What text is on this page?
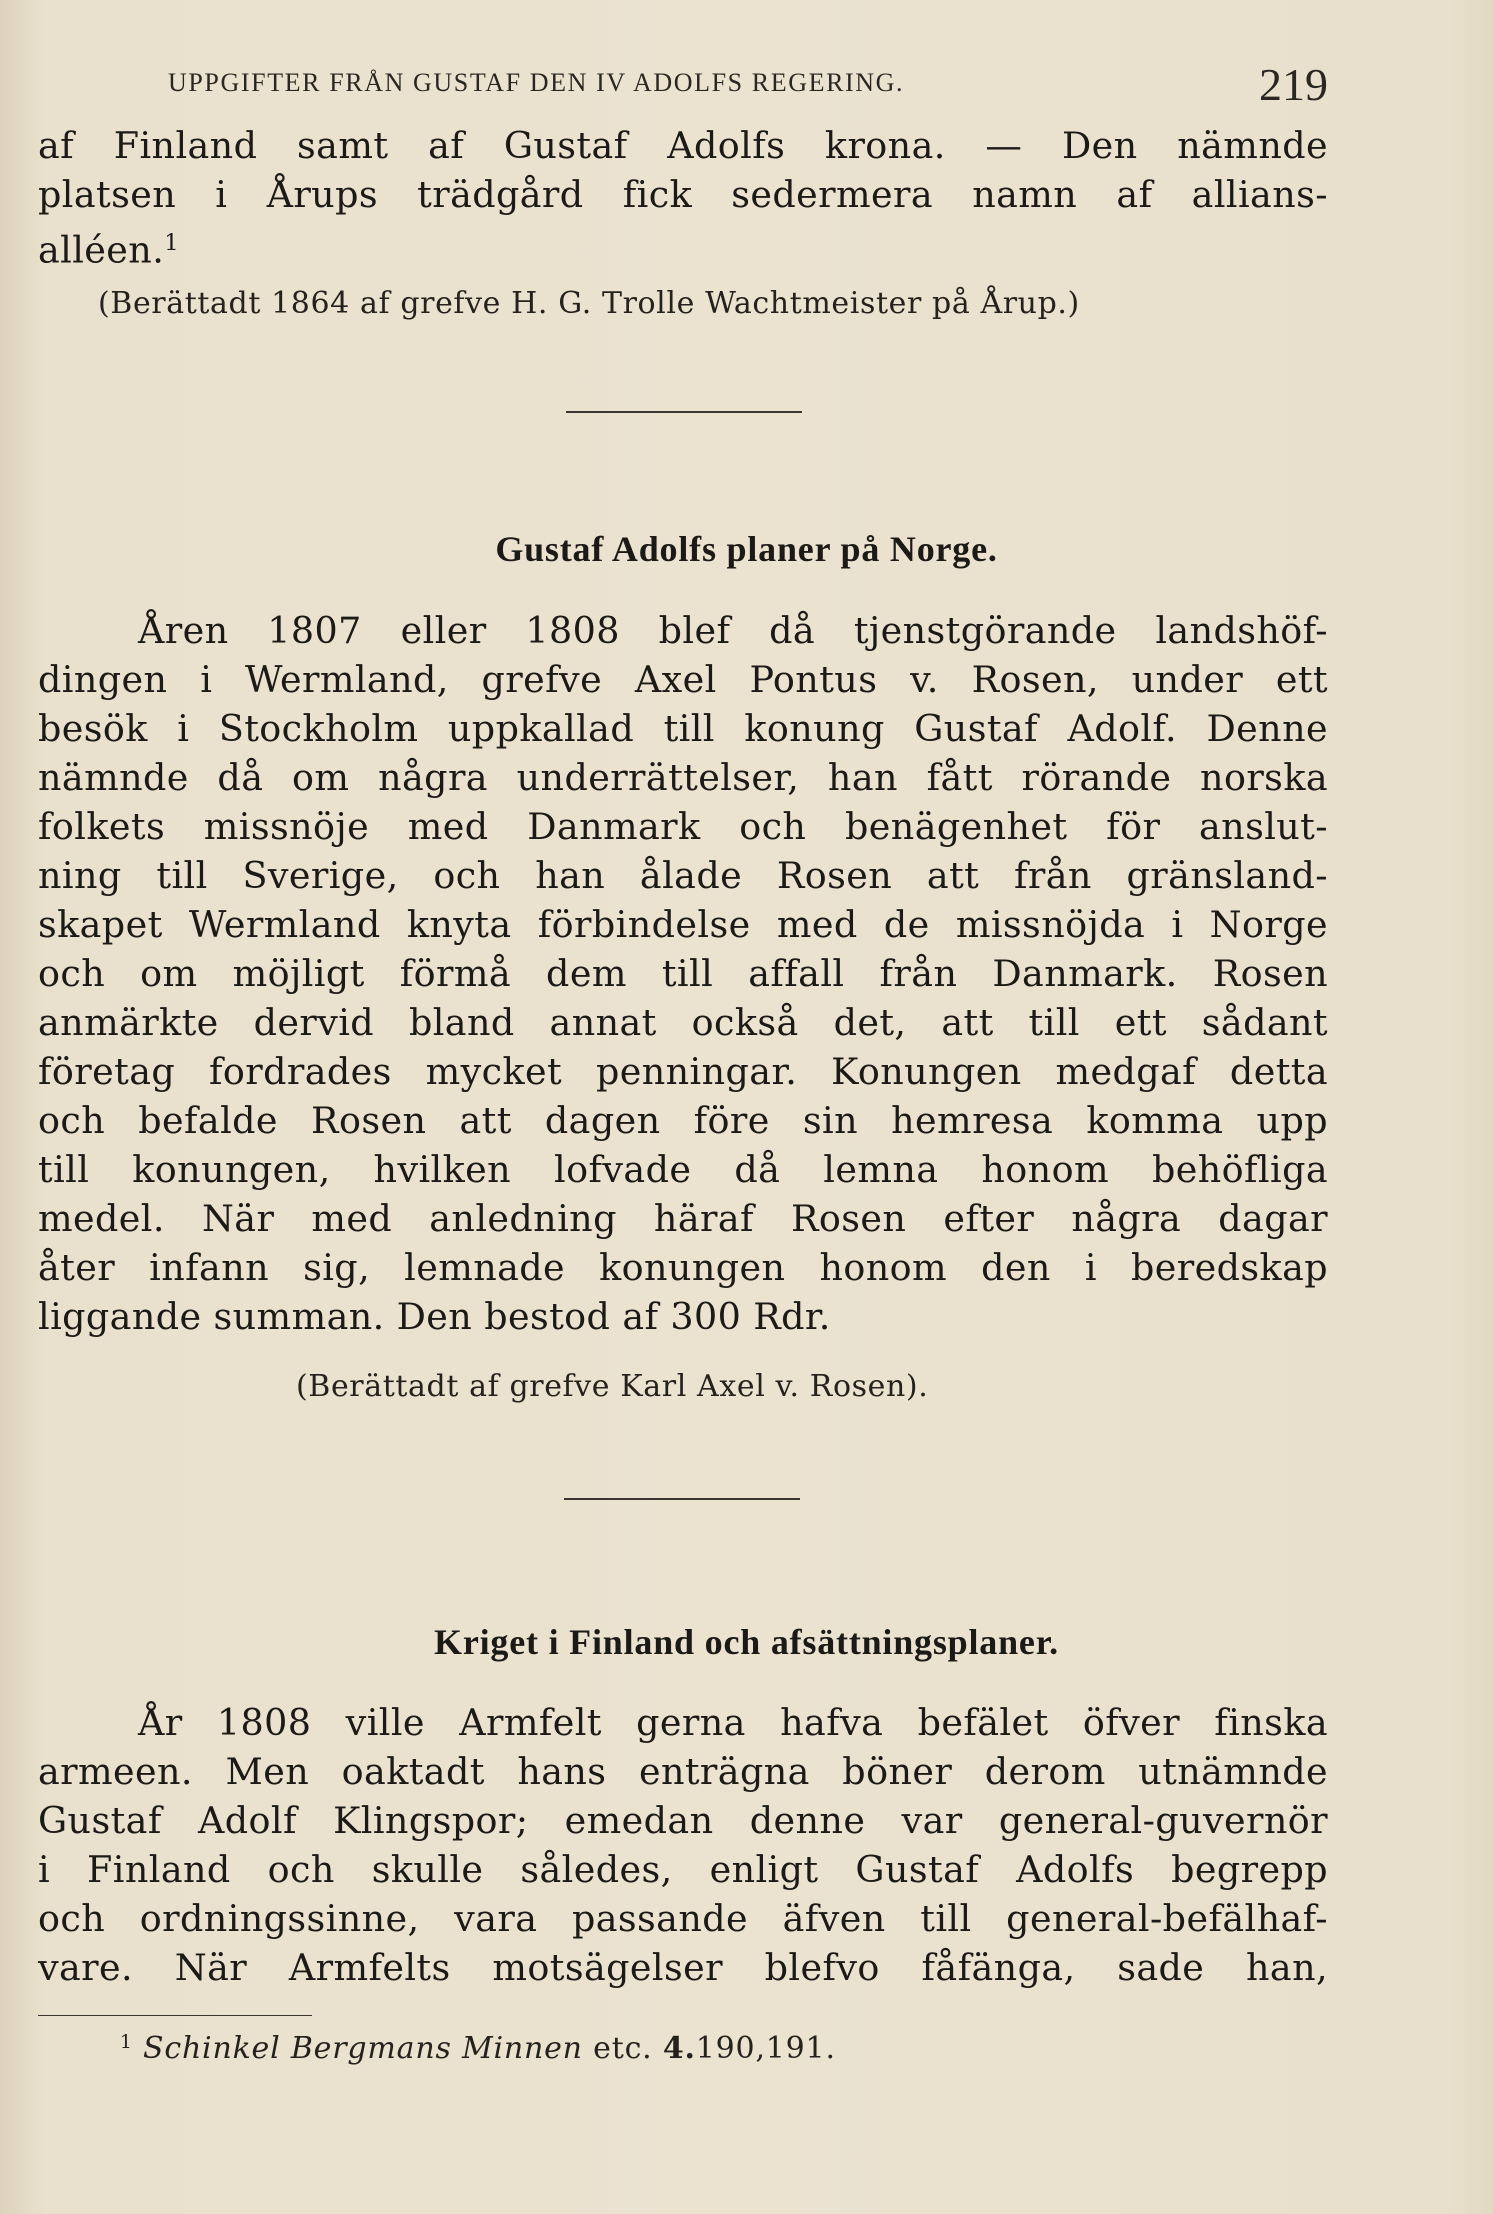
UPPGIFTER FRÅN GUSTAF DEN IV ADOLFS REGERING.	219
af Finland samt af Gustaf Adolfs krona. — Den nämnde
platsen i Årups trädgård fick sedermera namn af allians-
alléen.$^1$
(Berättadt 1864 af grefve H. G. Trolle Wachtmeister på Årup.)
Gustaf Adolfs planer på Norge.
Åren 1807 eller 1808 blef då tjenstgörande landshöf-
dingen i Wermland, grefve Axel Pontus v. Rosen, under ett
besök i Stockholm uppkallad till konung Gustaf Adolf. Denne
nämnde då om några underrättelser, han fått rörande norska
folkets missnöje med Danmark och benägenhet för anslut-
ning till Sverige, och han ålade Rosen att från gränsland-
skapet Wermland knyta förbindelse med de missnöjda i Norge
och om möjligt förmå dem till affall från Danmark. Rosen
anmärkte dervid bland annat också det, att till ett sådant
företag fordrades mycket penningar. Konungen medgaf detta
och befalde Rosen att dagen före sin hemresa komma upp
till konungen, hvilken lofvade då lemna honom behöfliga
medel. När med anledning häraf Rosen efter några dagar
åter infann sig, lemnade konungen honom den i beredskap
liggande summan. Den bestod af 300 Rdr.
(Berättadt af grefve Karl Axel v. Rosen).
Kriget i Finland och afsättningsplaner.
År 1808 ville Armfelt gerna hafva befälet öfver finska
armeen. Men oaktadt hans enträgna böner derom utnämnde
Gustaf Adolf Klingspor; emedan denne var general-guvernör
i Finland och skulle således, enligt Gustaf Adolfs begrepp
och ordningssinne, vara passande äfven till general-befälhaf-
vare. När Armfelts motsägelser blefvo fåfänga, sade han,
$^1$ Schinkel Bergmans Minnen etc. 4.190,191.
